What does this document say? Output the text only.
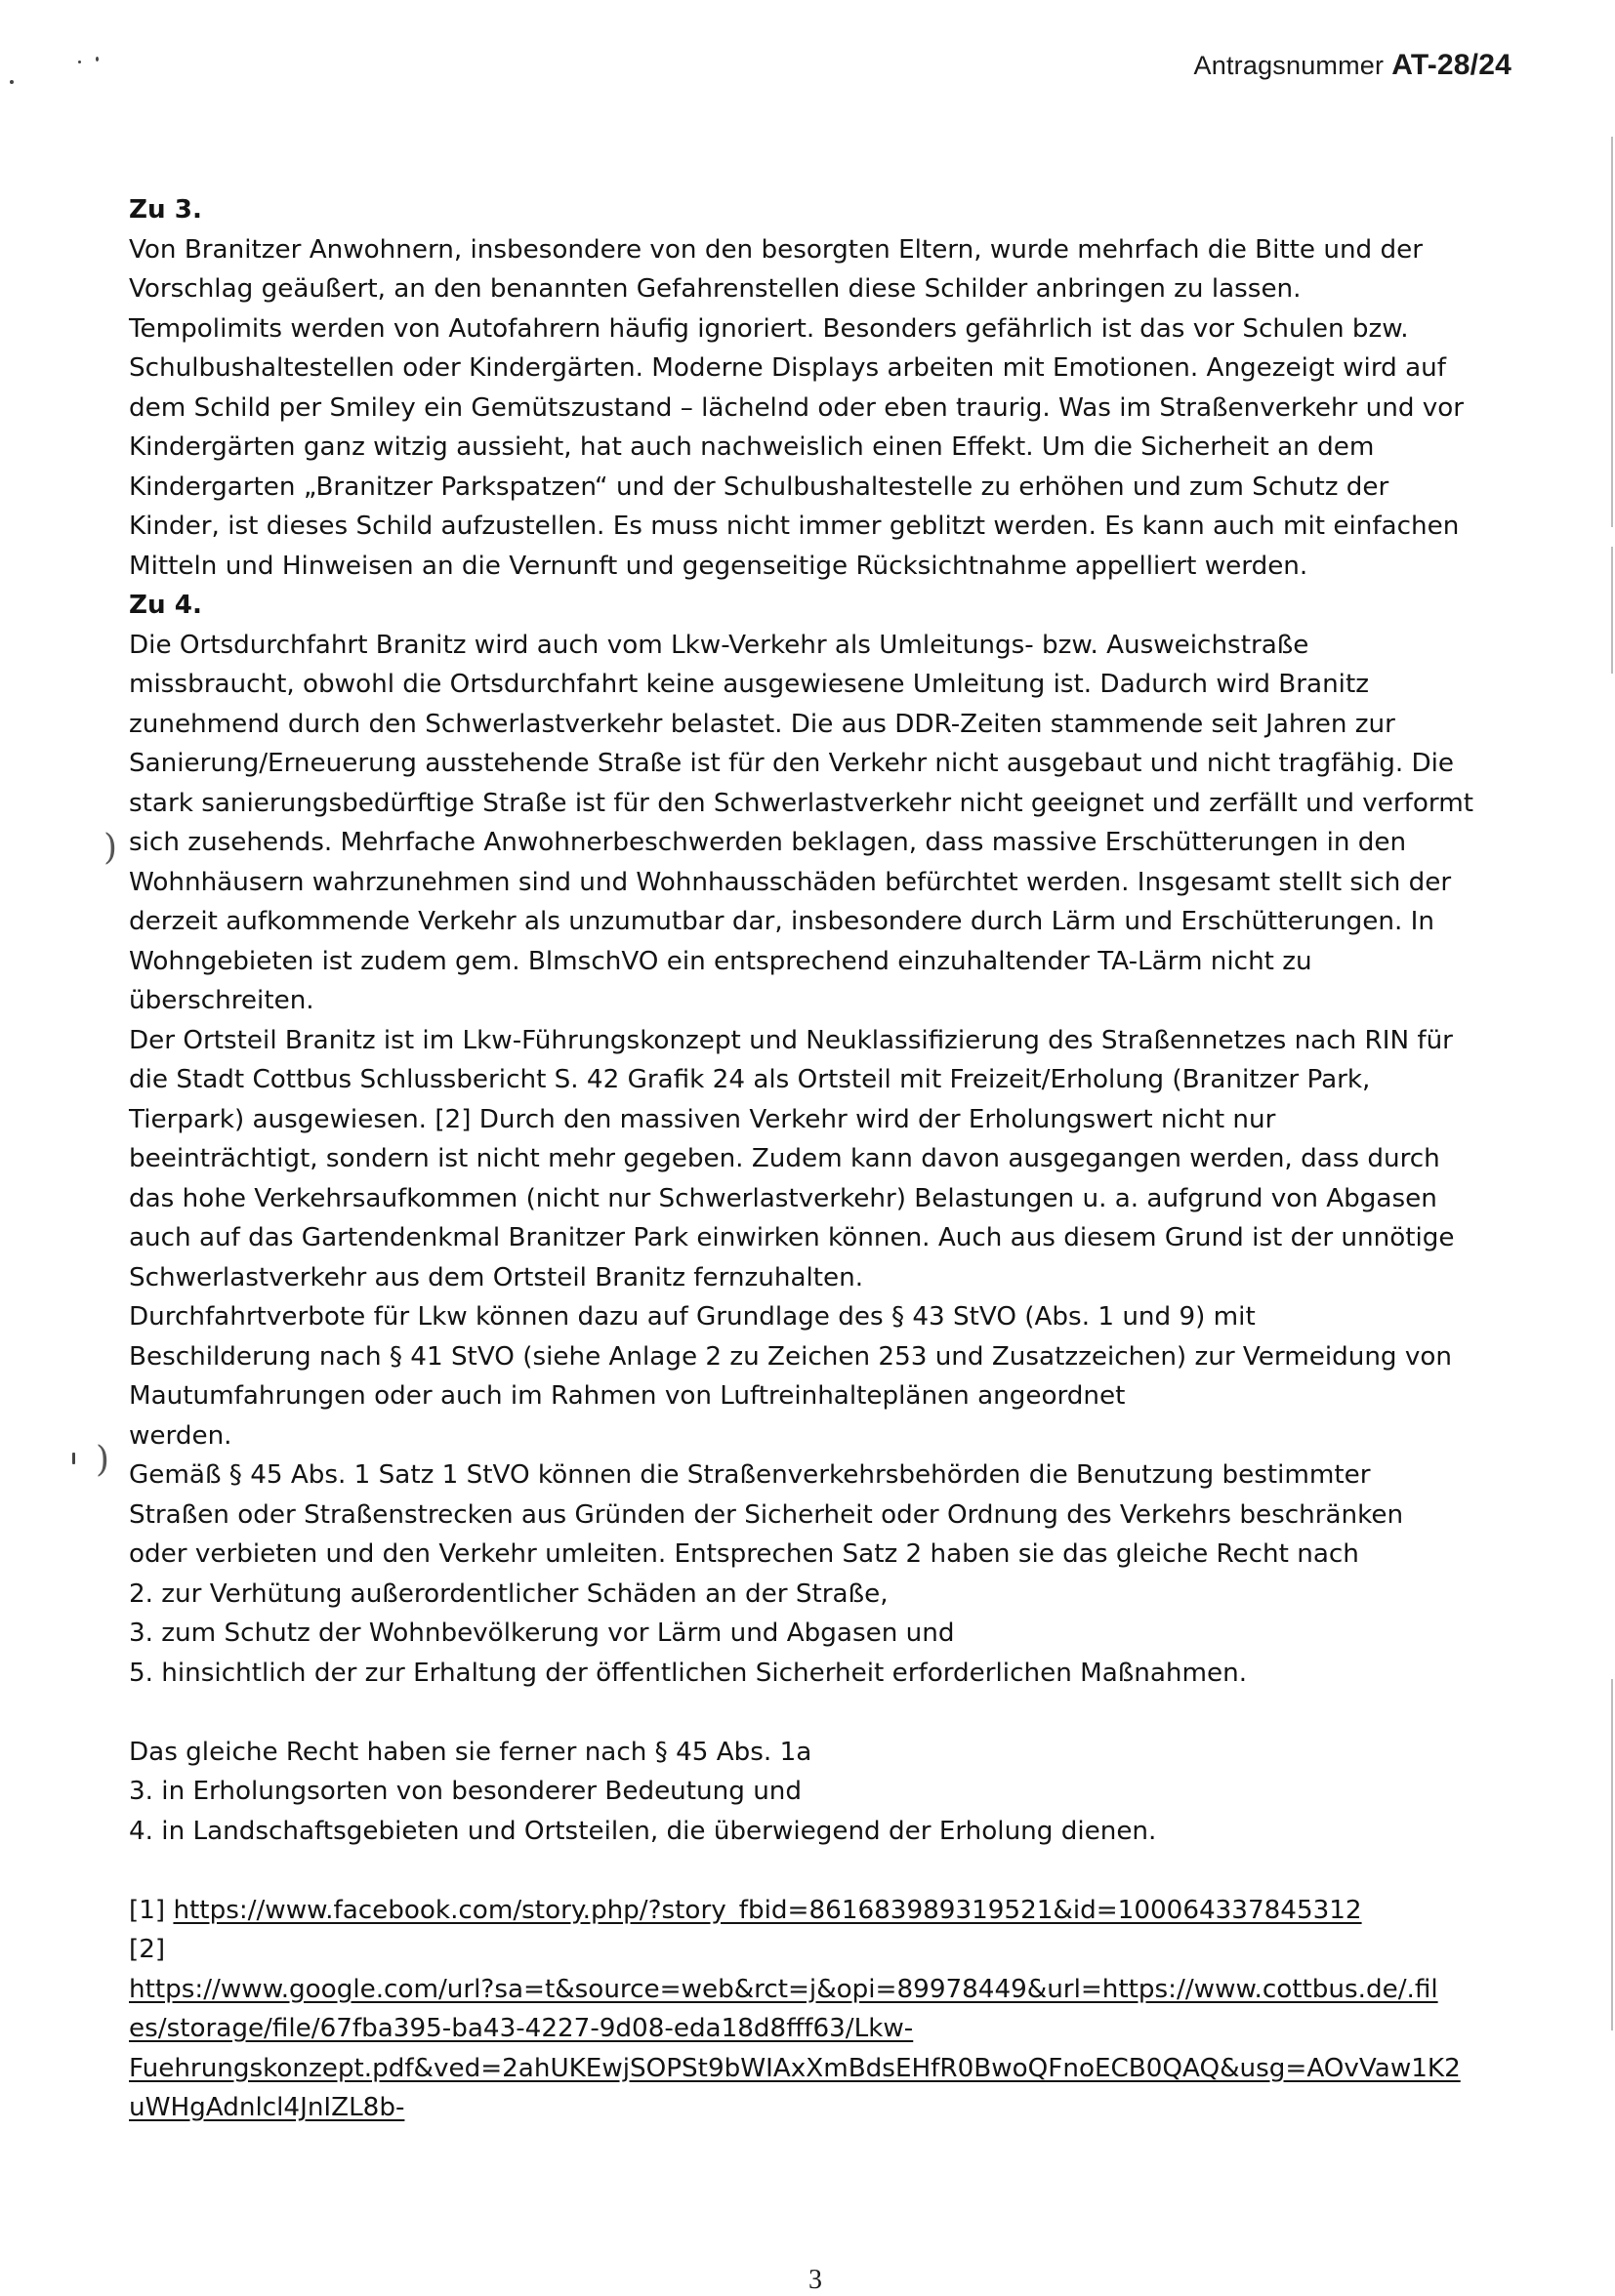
)
)
Antragsnummer AT-28/24
Zu 3.
Von Branitzer Anwohnern, insbesondere von den besorgten Eltern, wurde mehrfach die Bitte und der
Vorschlag geäußert, an den benannten Gefahrenstellen diese Schilder anbringen zu lassen.
Tempolimits werden von Autofahrern häufig ignoriert. Besonders gefährlich ist das vor Schulen bzw.
Schulbushaltestellen oder Kindergärten. Moderne Displays arbeiten mit Emotionen. Angezeigt wird auf
dem Schild per Smiley ein Gemütszustand – lächelnd oder eben traurig. Was im Straßenverkehr und vor
Kindergärten ganz witzig aussieht, hat auch nachweislich einen Effekt. Um die Sicherheit an dem
Kindergarten „Branitzer Parkspatzen“ und der Schulbushaltestelle zu erhöhen und zum Schutz der
Kinder, ist dieses Schild aufzustellen. Es muss nicht immer geblitzt werden. Es kann auch mit einfachen
Mitteln und Hinweisen an die Vernunft und gegenseitige Rücksichtnahme appelliert werden.
Zu 4.
Die Ortsdurchfahrt Branitz wird auch vom Lkw-Verkehr als Umleitungs- bzw. Ausweichstraße
missbraucht, obwohl die Ortsdurchfahrt keine ausgewiesene Umleitung ist. Dadurch wird Branitz
zunehmend durch den Schwerlastverkehr belastet. Die aus DDR-Zeiten stammende seit Jahren zur
Sanierung/Erneuerung ausstehende Straße ist für den Verkehr nicht ausgebaut und nicht tragfähig. Die
stark sanierungsbedürftige Straße ist für den Schwerlastverkehr nicht geeignet und zerfällt und verformt
sich zusehends. Mehrfache Anwohnerbeschwerden beklagen, dass massive Erschütterungen in den
Wohnhäusern wahrzunehmen sind und Wohnhausschäden befürchtet werden. Insgesamt stellt sich der
derzeit aufkommende Verkehr als unzumutbar dar, insbesondere durch Lärm und Erschütterungen. In
Wohngebieten ist zudem gem. BlmschVO ein entsprechend einzuhaltender TA-Lärm nicht zu
überschreiten.
Der Ortsteil Branitz ist im Lkw-Führungskonzept und Neuklassifizierung des Straßennetzes nach RIN für
die Stadt Cottbus Schlussbericht S. 42 Grafik 24 als Ortsteil mit Freizeit/Erholung (Branitzer Park,
Tierpark) ausgewiesen. [2] Durch den massiven Verkehr wird der Erholungswert nicht nur
beeinträchtigt, sondern ist nicht mehr gegeben. Zudem kann davon ausgegangen werden, dass durch
das hohe Verkehrsaufkommen (nicht nur Schwerlastverkehr) Belastungen u. a. aufgrund von Abgasen
auch auf das Gartendenkmal Branitzer Park einwirken können. Auch aus diesem Grund ist der unnötige
Schwerlastverkehr aus dem Ortsteil Branitz fernzuhalten.
Durchfahrtverbote für Lkw können dazu auf Grundlage des § 43 StVO (Abs. 1 und 9) mit
Beschilderung nach § 41 StVO (siehe Anlage 2 zu Zeichen 253 und Zusatzzeichen) zur Vermeidung von
Mautumfahrungen oder auch im Rahmen von Luftreinhalteplänen angeordnet
werden.
Gemäß § 45 Abs. 1 Satz 1 StVO können die Straßenverkehrsbehörden die Benutzung bestimmter
Straßen oder Straßenstrecken aus Gründen der Sicherheit oder Ordnung des Verkehrs beschränken
oder verbieten und den Verkehr umleiten. Entsprechen Satz 2 haben sie das gleiche Recht nach
2. zur Verhütung außerordentlicher Schäden an der Straße,
3. zum Schutz der Wohnbevölkerung vor Lärm und Abgasen und
5. hinsichtlich der zur Erhaltung der öffentlichen Sicherheit erforderlichen Maßnahmen.
Das gleiche Recht haben sie ferner nach § 45 Abs. 1a
3. in Erholungsorten von besonderer Bedeutung und
4. in Landschaftsgebieten und Ortsteilen, die überwiegend der Erholung dienen.
[1] https://www.facebook.com/story.php/?story_fbid=861683989319521&id=100064337845312
[2]
https://www.google.com/url?sa=t&source=web&rct=j&opi=89978449&url=https://www.cottbus.de/.fil
es/storage/file/67fba395-ba43-4227-9d08-eda18d8fff63/Lkw-
Fuehrungskonzept.pdf&ved=2ahUKEwjSOPSt9bWIAxXmBdsEHfR0BwoQFnoECB0QAQ&usg=AOvVaw1K2
uWHgAdnlcl4JnIZL8b-
3
